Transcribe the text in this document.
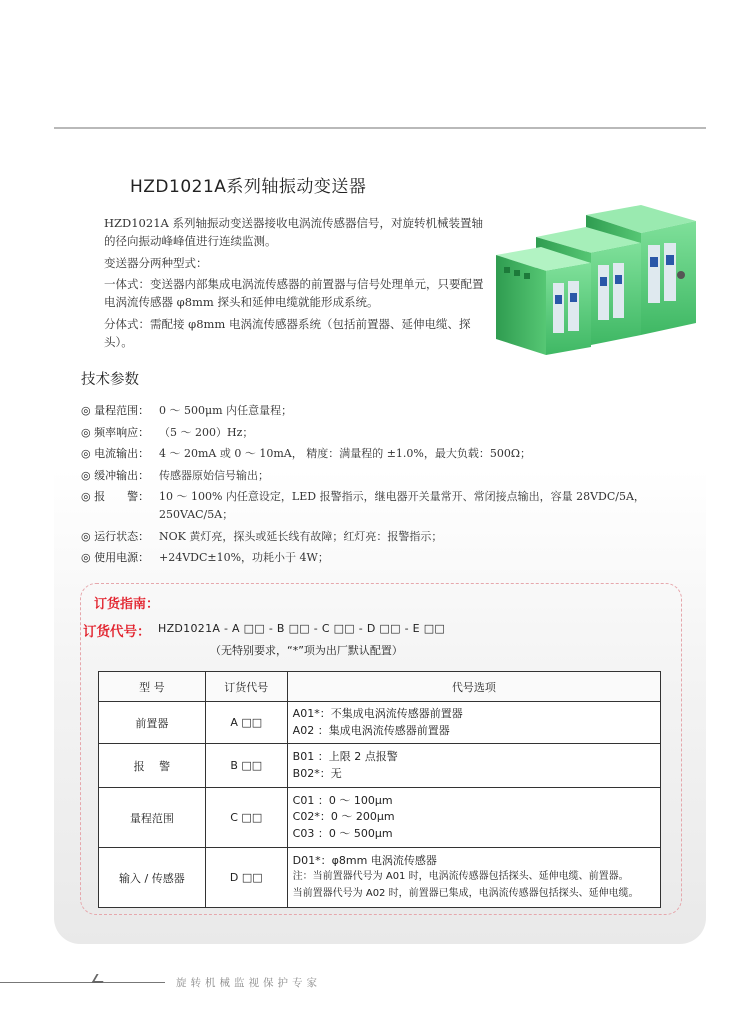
HZD1021A系列轴振动变送器

HZD1021A 系列轴振动变送器接收电涡流传感器信号，对旋转机械装置轴的径向振动峰峰值进行连续监测。

变送器分两种型式：

一体式：变送器内部集成电涡流传感器的前置器与信号处理单元，只要配置电涡流传感器 φ8mm 探头和延伸电缆就能形成系统。

分体式：需配接 φ8mm 电涡流传感器系统（包括前置器、延伸电缆、探头）。

技术参数
◎ 量程范围： 0 ～ 500μm 内任意量程；
◎ 频率响应： （5 ～ 200）Hz；
◎ 电流输出： 4 ～ 20mA 或 0 ～ 10mA， 精度：满量程的 ±1.0%，最大负载：500Ω；
◎ 缓冲输出： 传感器原始信号输出；
◎ 报　　警： 10 ～ 100% 内任意设定，LED 报警指示，继电器开关量常开、常闭接点输出，容量 28VDC/5A，250VAC/5A；
◎ 运行状态： NOK 黄灯亮，探头或延长线有故障；红灯亮：报警指示；
◎ 使用电源： +24VDC±10%，功耗小于 4W；
订货指南：
订货代号： HZD1021A - A □□ - B □□ - C □□ - D □□ - E □□
（无特别要求，“*”项为出厂默认配置）
型 号	订货代号	代号选项
前置器	A □□	A01*：不集成电涡流传感器前置器
A02 ：集成电涡流传感器前置器

报　 警	B □□	B01 ：上限 2 点报警
B02*：无

量程范围	C □□	C01 ：0 ～ 100μm
C02*：0 ～ 200μm
C03 ：0 ～ 500μm

输入 / 传感器	D □□	D01*：φ8mm 电涡流传感器
注：当前置器代号为 A01 时，电涡流传感器包括探头、延伸电缆、前置器。
当前置器代号为 A02 时，前置器已集成，电涡流传感器包括探头、延伸电缆。
旋转机械监视保护专家
